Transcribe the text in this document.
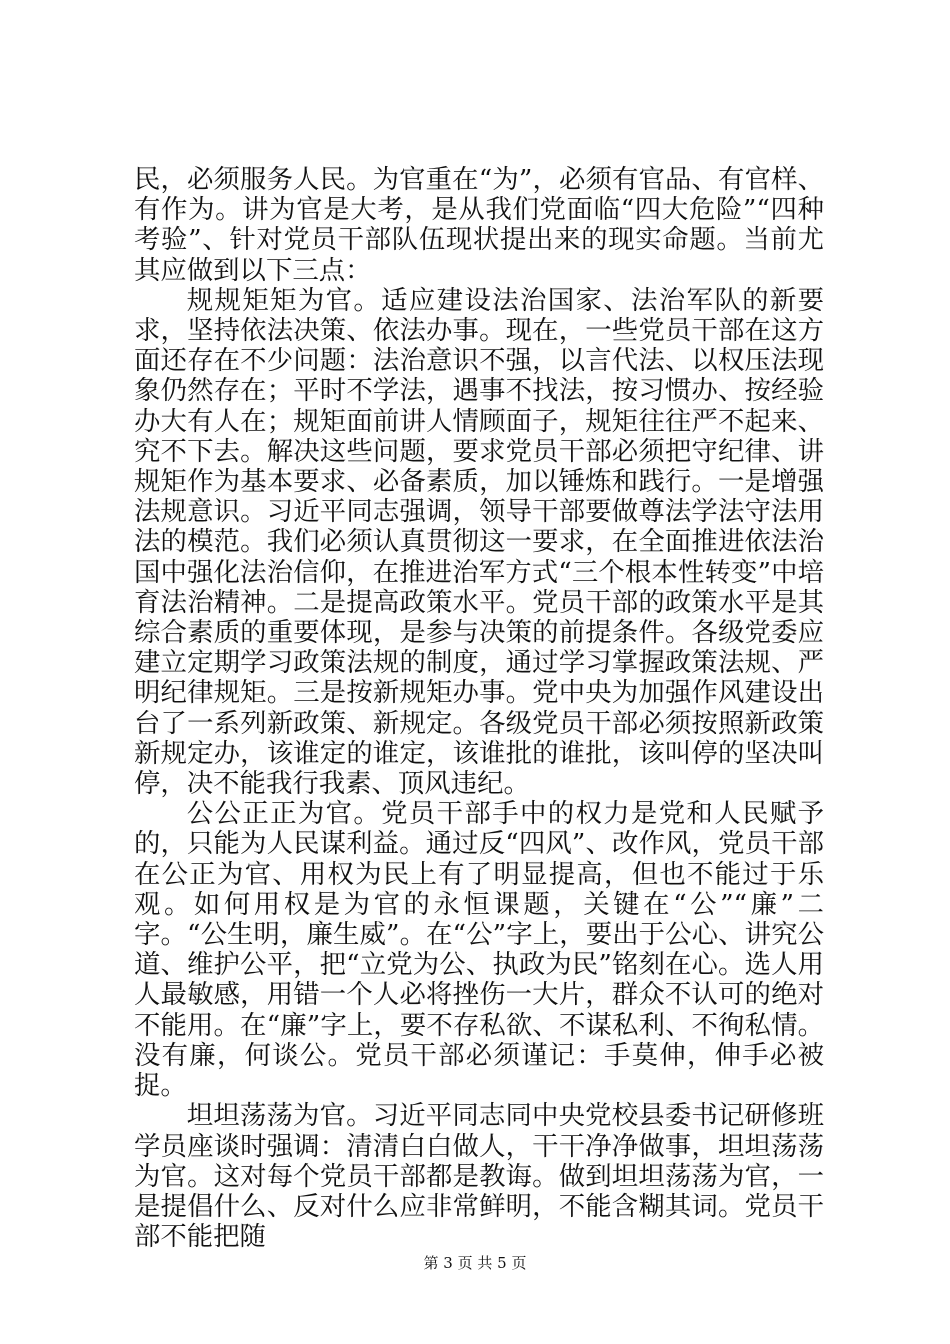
民，必须服务人民。为官重在“为”，必须有官品、有官样、有作为。讲为官是大考，是从我们党面临“四大危险”“四种考验”、针对党员干部队伍现状提出来的现实命题。当前尤其应做到以下三点：

规规矩矩为官。适应建设法治国家、法治军队的新要求，坚持依法决策、依法办事。现在，一些党员干部在这方面还存在不少问题：法治意识不强，以言代法、以权压法现象仍然存在；平时不学法，遇事不找法，按习惯办、按经验办大有人在；规矩面前讲人情顾面子，规矩往往严不起来、究不下去。解决这些问题，要求党员干部必须把守纪律、讲规矩作为基本要求、必备素质，加以锤炼和践行。一是增强法规意识。习近平同志强调，领导干部要做尊法学法守法用法的模范。我们必须认真贯彻这一要求，在全面推进依法治国中强化法治信仰，在推进治军方式“三个根本性转变”中培育法治精神。二是提高政策水平。党员干部的政策水平是其综合素质的重要体现，是参与决策的前提条件。各级党委应建立定期学习政策法规的制度，通过学习掌握政策法规、严明纪律规矩。三是按新规矩办事。党中央为加强作风建设出台了一系列新政策、新规定。各级党员干部必须按照新政策新规定办，该谁定的谁定，该谁批的谁批，该叫停的坚决叫停，决不能我行我素、顶风违纪。

公公正正为官。党员干部手中的权力是党和人民赋予的，只能为人民谋利益。通过反“四风”、改作风，党员干部在公正为官、用权为民上有了明显提高，但也不能过于乐观。如何用权是为官的永恒课题，关键在“公”“廉”二字。“公生明，廉生威”。在“公”字上，要出于公心、讲究公道、维护公平，把“立党为公、执政为民”铭刻在心。选人用人最敏感，用错一个人必将挫伤一大片，群众不认可的绝对不能用。在“廉”字上，要不存私欲、不谋私利、不徇私情。没有廉，何谈公。党员干部必须谨记：手莫伸，伸手必被捉。

坦坦荡荡为官。习近平同志同中央党校县委书记研修班学员座谈时强调：清清白白做人，干干净净做事，坦坦荡荡为官。这对每个党员干部都是教诲。做到坦坦荡荡为官，一是提倡什么、反对什么应非常鲜明，不能含糊其词。党员干部不能把随

第 3 页 共 5 页
